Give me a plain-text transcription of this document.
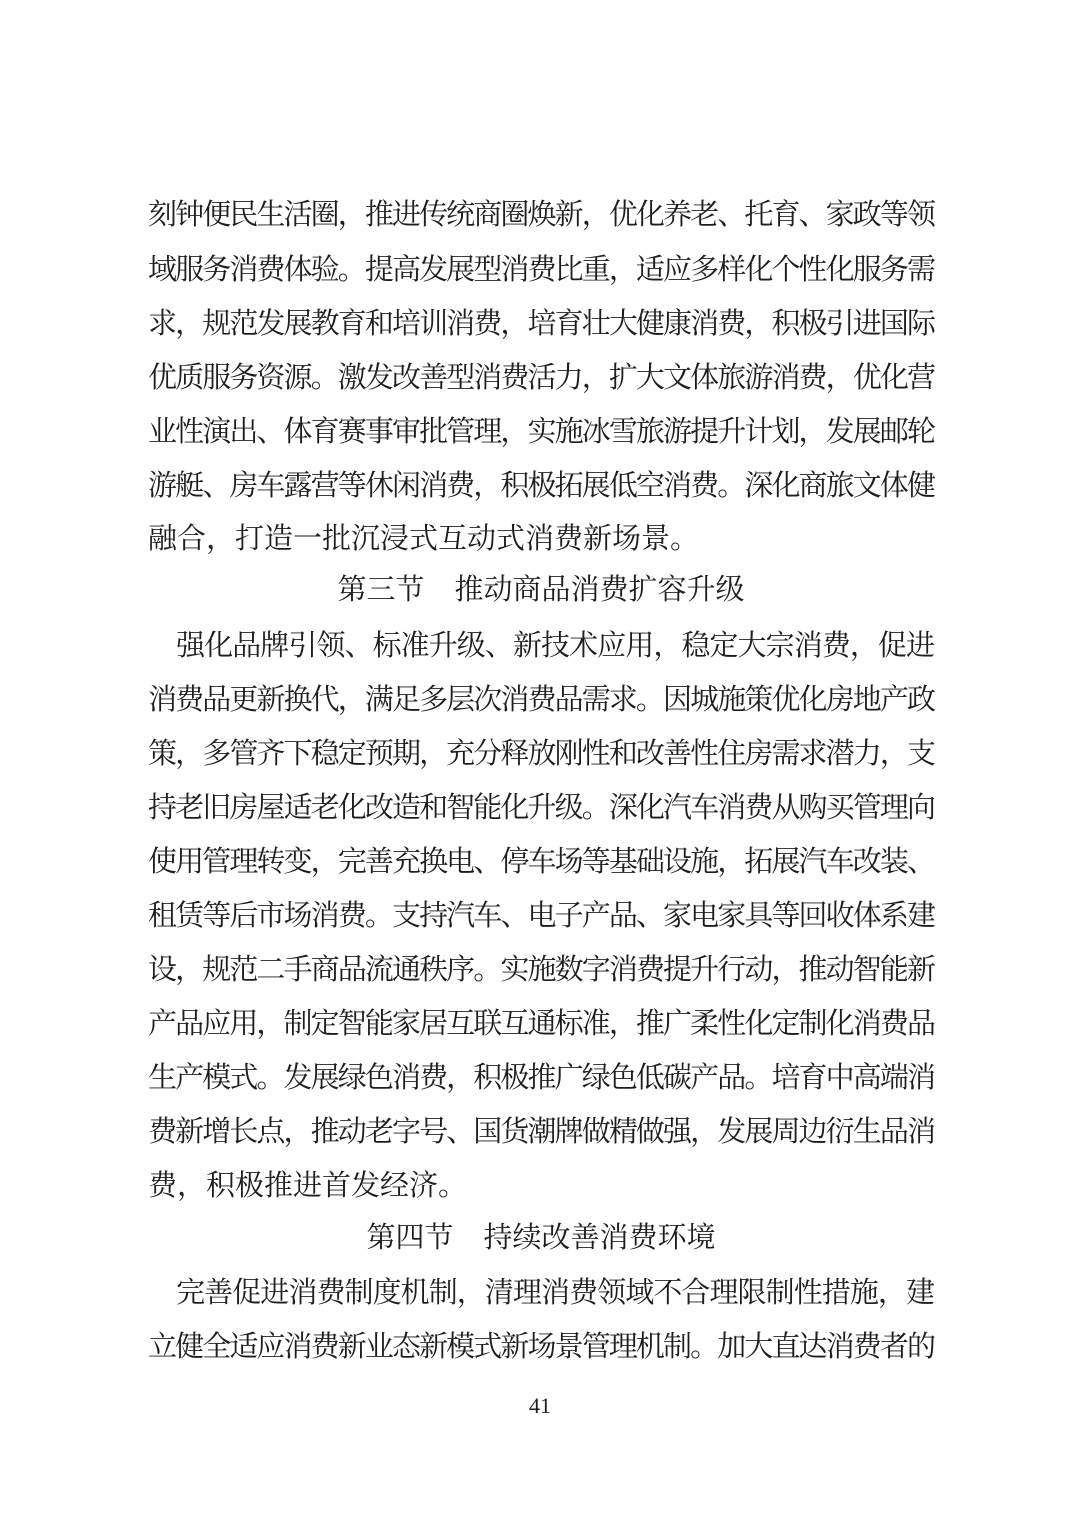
刻钟便民生活圈，推进传统商圈焕新，优化养老、托育、家政等领
域服务消费体验。提高发展型消费比重，适应多样化个性化服务需
求，规范发展教育和培训消费，培育壮大健康消费，积极引进国际
优质服务资源。激发改善型消费活力，扩大文体旅游消费，优化营
业性演出、体育赛事审批管理，实施冰雪旅游提升计划，发展邮轮
游艇、房车露营等休闲消费，积极拓展低空消费。深化商旅文体健
融合，打造一批沉浸式互动式消费新场景。
第三节 推动商品消费扩容升级
　强化品牌引领、标准升级、新技术应用，稳定大宗消费，促进
消费品更新换代，满足多层次消费品需求。因城施策优化房地产政
策，多管齐下稳定预期，充分释放刚性和改善性住房需求潜力，支
持老旧房屋适老化改造和智能化升级。深化汽车消费从购买管理向
使用管理转变，完善充换电、停车场等基础设施，拓展汽车改装、
租赁等后市场消费。支持汽车、电子产品、家电家具等回收体系建
设，规范二手商品流通秩序。实施数字消费提升行动，推动智能新
产品应用，制定智能家居互联互通标准，推广柔性化定制化消费品
生产模式。发展绿色消费，积极推广绿色低碳产品。培育中高端消
费新增长点，推动老字号、国货潮牌做精做强，发展周边衍生品消
费，积极推进首发经济。
第四节 持续改善消费环境
　完善促进消费制度机制，清理消费领域不合理限制性措施，建
立健全适应消费新业态新模式新场景管理机制。加大直达消费者的
41
